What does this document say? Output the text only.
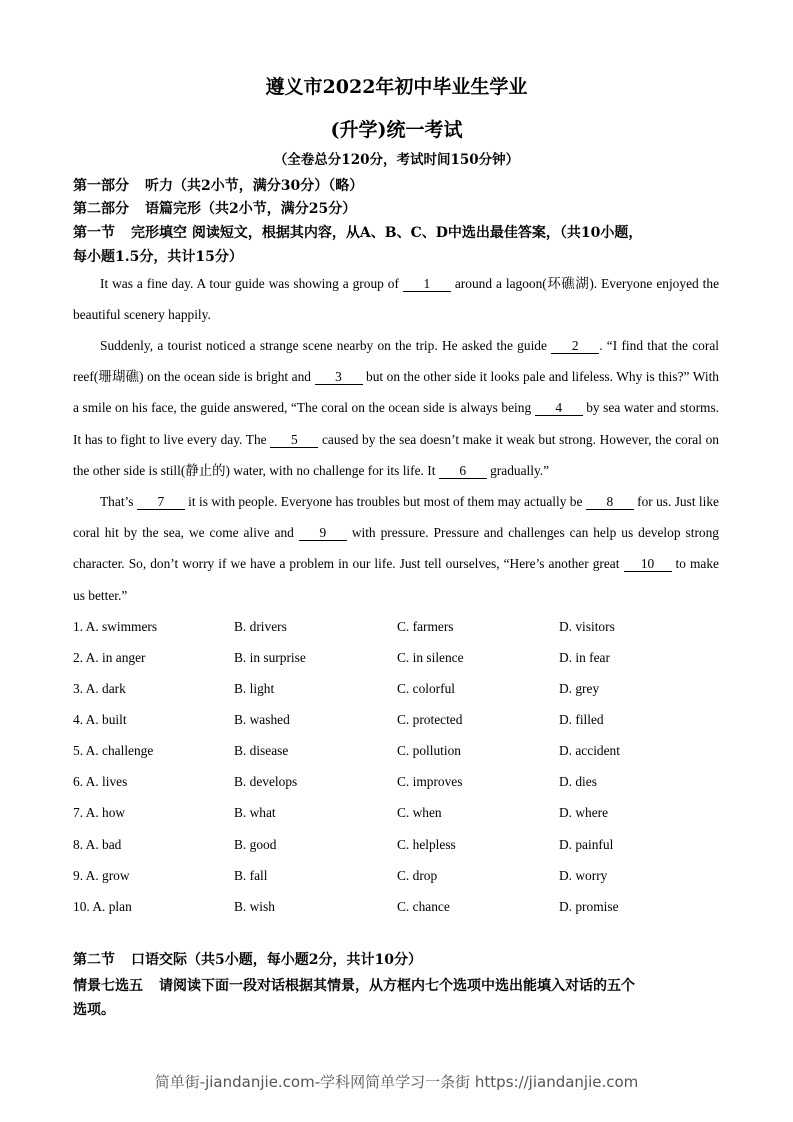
遵义市2022年初中毕业生学业
(升学)统一考试
（全卷总分120分，考试时间150分钟）
第一部分 听力（共2小节，满分30分）（略）
第二部分 语篇完形（共2小节，满分25分）
第一节 完形填空 阅读短文，根据其内容，从A、B、C、D中选出最佳答案，（共10小题，
每小题1.5分，共计15分）
It was a fine day. A tour guide was showing a group of 1 around a lagoon(环礁湖). Everyone enjoyed the beautiful scenery happily.
Suddenly, a tourist noticed a strange scene nearby on the trip. He asked the guide 2 . “I find that the coral reef(珊瑚礁) on the ocean side is bright and 3 but on the other side it looks pale and lifeless. Why is this?” With a smile on his face, the guide answered, “The coral on the ocean side is always being 4 by sea water and storms. It has to fight to live every day. The 5 caused by the sea doesn’t make it weak but strong. However, the coral on the other side is still(静止的) water, with no challenge for its life. It 6 gradually.”
That’s 7 it is with people. Everyone has troubles but most of them may actually be 8 for us. Just like coral hit by the sea, we come alive and 9 with pressure. Pressure and challenges can help us develop strong character. So, don’t worry if we have a problem in our life. Just tell ourselves, “Here’s another great 10 to make us better.”
1. A. swimmers	B. drivers	C. farmers	D. visitors
2. A. in anger	B. in surprise	C. in silence	D. in fear
3. A. dark	B. light	C. colorful	D. grey
4. A. built	B. washed	C. protected	D. filled
5. A. challenge	B. disease	C. pollution	D. accident
6. A. lives	B. develops	C. improves	D. dies
7. A. how	B. what	C. when	D. where
8. A. bad	B. good	C. helpless	D. painful
9. A. grow	B. fall	C. drop	D. worry
10. A. plan	B. wish	C. chance	D. promise
第二节 口语交际（共5小题，每小题2分，共计10分）
情景七选五 请阅读下面一段对话根据其情景，从方框内七个选项中选出能填入对话的五个
选项。
简单街-jiandanjie.com-学科网简单学习一条街 https://jiandanjie.com
